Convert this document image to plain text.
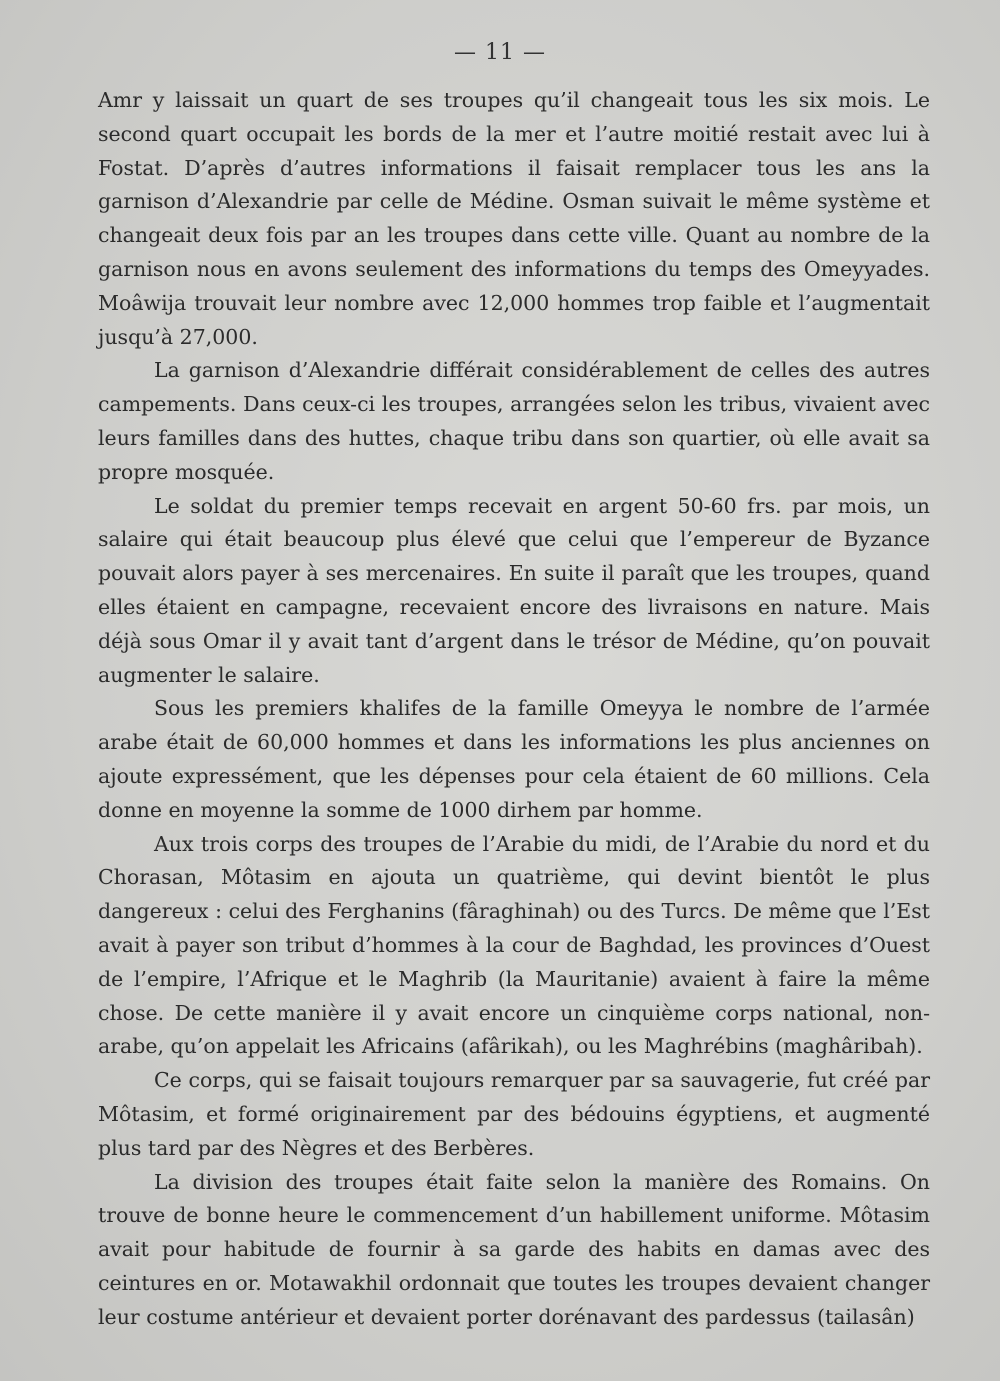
— 11 —

Amr y laissait un quart de ses troupes qu’il changeait tous les six mois. Le second quart occupait les bords de la mer et l’autre moitié restait avec lui à Fostat. D’après d’autres informations il faisait remplacer tous les ans la garnison d’Alexandrie par celle de Médine. Osman suivait le même système et changeait deux fois par an les troupes dans cette ville. Quant au nombre de la garnison nous en avons seulement des informations du temps des Omeyyades. Moâwija trouvait leur nombre avec 12,000 hommes trop faible et l’augmentait jusqu’à 27,000.

La garnison d’Alexandrie différait considérablement de celles des autres campements. Dans ceux-ci les troupes, arrangées selon les tribus, vivaient avec leurs familles dans des huttes, chaque tribu dans son quartier, où elle avait sa propre mosquée.

Le soldat du premier temps recevait en argent 50-60 frs. par mois, un salaire qui était beaucoup plus élevé que celui que l’empereur de Byzance pouvait alors payer à ses mercenaires. En suite il paraît que les troupes, quand elles étaient en campagne, recevaient encore des livraisons en nature. Mais déjà sous Omar il y avait tant d’argent dans le trésor de Médine, qu’on pouvait augmenter le salaire.

Sous les premiers khalifes de la famille Omeyya le nombre de l’armée arabe était de 60,000 hommes et dans les informations les plus anciennes on ajoute expressément, que les dépenses pour cela étaient de 60 millions. Cela donne en moyenne la somme de 1000 dirhem par homme.

Aux trois corps des troupes de l’Arabie du midi, de l’Arabie du nord et du Chorasan, Môtasim en ajouta un quatrième, qui devint bientôt le plus dangereux : celui des Ferghanins (fâraghinah) ou des Turcs. De même que l’Est avait à payer son tribut d’hommes à la cour de Baghdad, les provinces d’Ouest de l’empire, l’Afrique et le Maghrib (la Mauritanie) avaient à faire la même chose. De cette manière il y avait encore un cinquième corps national, non-arabe, qu’on appelait les Africains (afârikah), ou les Maghrébins (maghâribah).

Ce corps, qui se faisait toujours remarquer par sa sauvagerie, fut créé par Môtasim, et formé originairement par des bédouins égyptiens, et augmenté plus tard par des Nègres et des Berbères.

La division des troupes était faite selon la manière des Romains. On trouve de bonne heure le commencement d’un habillement uniforme. Môtasim avait pour habitude de fournir à sa garde des habits en damas avec des ceintures en or. Motawakhil ordonnait que toutes les troupes devaient changer leur costume antérieur et devaient porter dorénavant des pardessus (tailasân)
